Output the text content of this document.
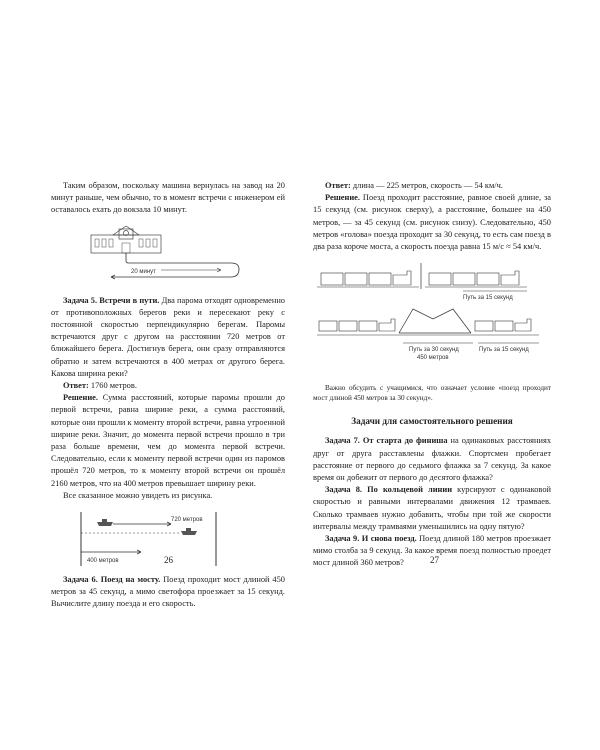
Таким образом, поскольку машина вернулась на завод на 20 минут раньше, чем обычно, то в момент встречи с инженером ей оставалось ехать до вокзала 10 минут.

20 минут

Задача 5. Встречи в пути. Два парома отходят одновременно от противоположных берегов реки и пересекают реку с постоянной скоростью перпендикулярно берегам. Паромы встречаются друг с другом на расстоянии 720 метров от ближайшего берега. Достигнув берега, они сразу отправляются обратно и затем встречаются в 400 метрах от другого берега. Какова ширина реки?

Ответ: 1760 метров.

Решение. Сумма расстояний, которые паромы прошли до первой встречи, равна ширине реки, а сумма расстояний, которые они прошли к моменту второй встречи, равна утроенной ширине реки. Значит, до момента первой встречи прошло в три раза больше времени, чем до момента первой встречи. Следовательно, если к моменту первой встречи один из паромов прошёл 720 метров, то к моменту второй встречи он прошёл 2160 метров, что на 400 метров превышает ширину реки.

Все сказанное можно увидеть из рисунка.

720 метров
400 метров

Задача 6. Поезд на мосту. Поезд проходит мост длиной 450 метров за 45 секунд, а мимо светофора проезжает за 15 секунд. Вычислите длину поезда и его скорость.

26

Ответ: длина — 225 метров, скорость — 54 км/ч.

Решение. Поезд проходит расстояние, равное своей длине, за 15 секунд (см. рисунок сверху), а расстояние, большее на 450 метров, — за 45 секунд (см. рисунок снизу). Следовательно, 450 метров «голова» поезда проходит за 30 секунд, то есть сам поезд в два раза короче моста, а скорость поезда равна 15 м/с ≈ 54 км/ч.

Путь за 15 секунд
Путь за 30 секунд
450 метров
Путь за 15 секунд

Важно обсудить с учащимися, что означает условие «поезд проходит мост длиной 450 метров за 30 секунд».

Задачи для самостоятельного решения

Задача 7. От старта до финиша на одинаковых расстояниях друг от друга расставлены флажки. Спортсмен пробегает расстояние от первого до седьмого флажка за 7 секунд. За какое время он добежит от первого до десятого флажка?

Задача 8. По кольцевой линии курсируют с одинаковой скоростью и равными интервалами движения 12 трамваев. Сколько трамваев нужно добавить, чтобы при той же скорости интервалы между трамваями уменьшились на одну пятую?

Задача 9. И снова поезд. Поезд длиной 180 метров проезжает мимо столба за 9 секунд. За какое время поезд полностью проедет мост длиной 360 метров?	27
